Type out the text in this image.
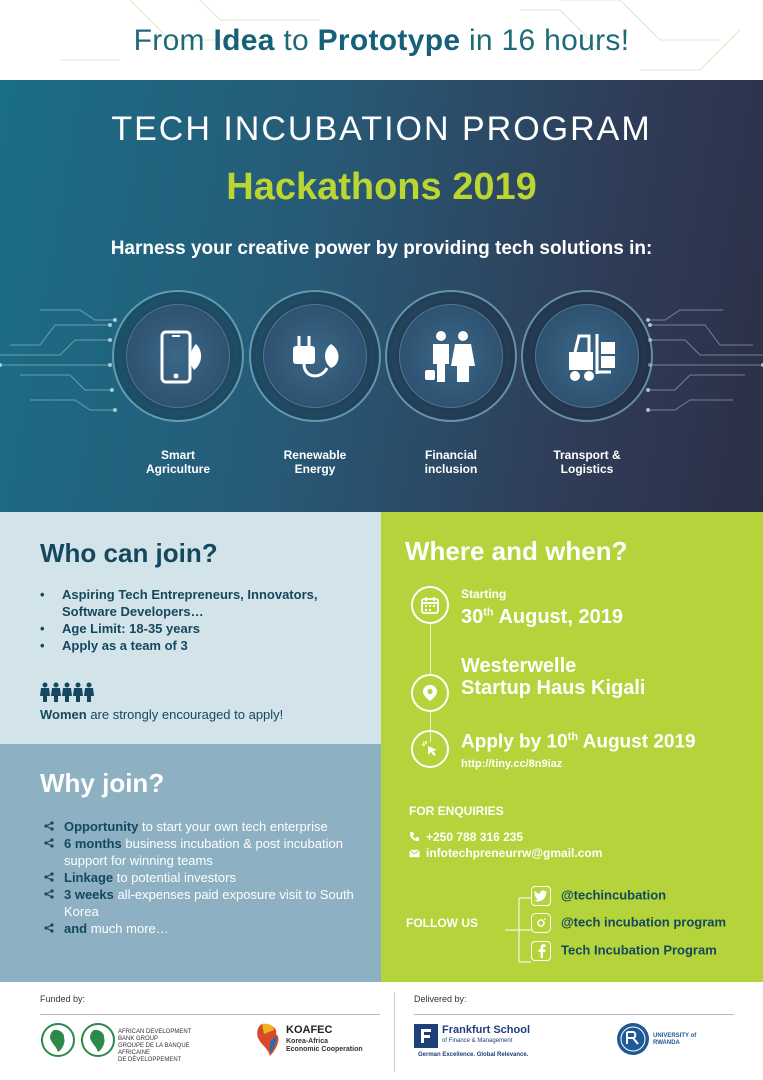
From Idea to Prototype in 16 hours!
TECH INCUBATION PROGRAM
Hackathons 2019
Harness your creative power by providing tech solutions in:
Smart
Agriculture
Renewable
Energy
Financial
inclusion
Transport &
Logistics
Who can join?
• Aspiring Tech Entrepreneurs, Innovators, Software Developers…
• Age Limit: 18-35 years
• Apply as a team of 3
Women are strongly encouraged to apply!
Why join?
Opportunity to start your own tech enterprise
6 months business incubation & post incubation support for winning teams
Linkage to potential investors
3 weeks all-expenses paid exposure visit to South Korea
and much more…
Where and when?
Starting
30th August, 2019
Westerwelle
Startup Haus Kigali
Apply by 10th August 2019
http://tiny.cc/8n9iaz
FOR ENQUIRIES
+250 788 316 235
infotechpreneurrw@gmail.com
FOLLOW US
@techincubation
@tech incubation program
Tech Incubation Program
Funded by:	Delivered by:
AFRICAN DEVELOPMENT BANK GROUP
GROUPE DE LA BANQUE AFRICAINE
DE DÉVELOPPEMENT
KOAFEC
Korea-Africa
Economic Cooperation
Frankfurt School
of Finance & Management
German Excellence. Global Relevance.
UNIVERSITY of
RWANDA
